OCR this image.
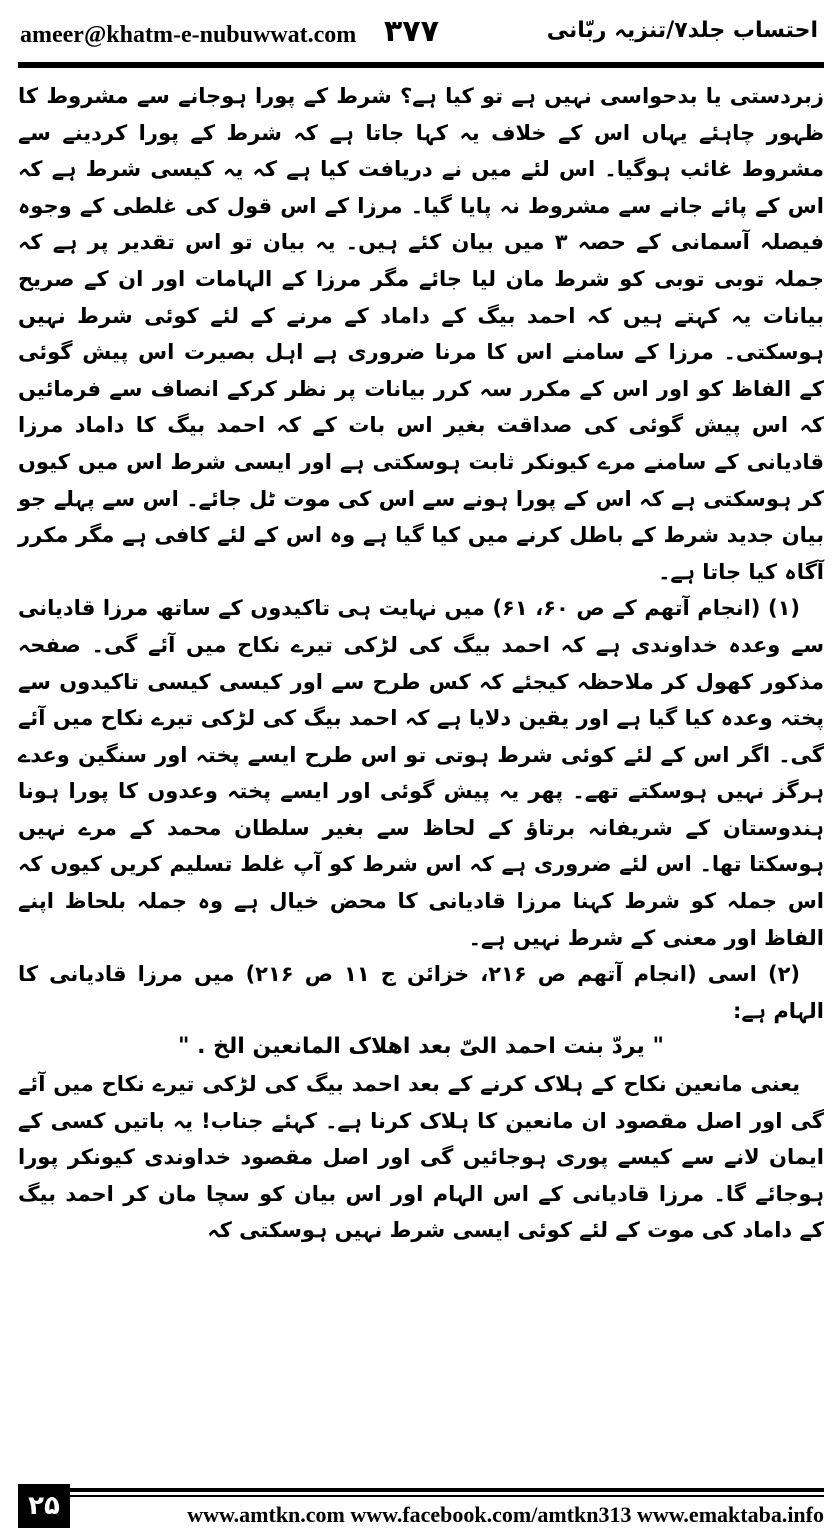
ameer@khatm-e-nubuwwat.com ۳۷۷	احتساب جلد۷/تنزیہ ربّانی

زبردستی یا بدحواسی نہیں ہے تو کیا ہے؟ شرط کے پورا ہوجانے سے مشروط کا ظہور چاہئے یہاں اس کے خلاف یہ کہا جاتا ہے کہ شرط کے پورا کردینے سے مشروط غائب ہوگیا۔ اس لئے میں نے دریافت کیا ہے کہ یہ کیسی شرط ہے کہ اس کے پائے جانے سے مشروط نہ پایا گیا۔ مرزا کے اس قول کی غلطی کے وجوہ فیصلہ آسمانی کے حصہ ۳ میں بیان کئے ہیں۔ یہ بیان تو اس تقدیر پر ہے کہ جملہ توبی توبی کو شرط مان لیا جائے مگر مرزا کے الہامات اور ان کے صریح بیانات یہ کہتے ہیں کہ احمد بیگ کے داماد کے مرنے کے لئے کوئی شرط نہیں ہوسکتی۔ مرزا کے سامنے اس کا مرنا ضروری ہے اہل بصیرت اس پیش گوئی کے الفاظ کو اور اس کے مکرر سہ کرر بیانات پر نظر کرکے انصاف سے فرمائیں کہ اس پیش گوئی کی صداقت بغیر اس بات کے کہ احمد بیگ کا داماد مرزا قادیانی کے سامنے مرے کیونکر ثابت ہوسکتی ہے اور ایسی شرط اس میں کیوں کر ہوسکتی ہے کہ اس کے پورا ہونے سے اس کی موت ٹل جائے۔ اس سے پہلے جو بیان جدید شرط کے باطل کرنے میں کیا گیا ہے وہ اس کے لئے کافی ہے مگر مکرر آگاہ کیا جاتا ہے۔

(۱) (انجام آتھم کے ص ۶۰، ۶۱) میں نہایت ہی تاکیدوں کے ساتھ مرزا قادیانی سے وعدہ خداوندی ہے کہ احمد بیگ کی لڑکی تیرے نکاح میں آئے گی۔ صفحہ مذکور کھول کر ملاحظہ کیجئے کہ کس طرح سے اور کیسی کیسی تاکیدوں سے پختہ وعدہ کیا گیا ہے اور یقین دلایا ہے کہ احمد بیگ کی لڑکی تیرے نکاح میں آئے گی۔ اگر اس کے لئے کوئی شرط ہوتی تو اس طرح ایسے پختہ اور سنگین وعدے ہرگز نہیں ہوسکتے تھے۔ پھر یہ پیش گوئی اور ایسے پختہ وعدوں کا پورا ہونا ہندوستان کے شریفانہ برتاؤ کے لحاظ سے بغیر سلطان محمد کے مرے نہیں ہوسکتا تھا۔ اس لئے ضروری ہے کہ اس شرط کو آپ غلط تسلیم کریں کیوں کہ اس جملہ کو شرط کہنا مرزا قادیانی کا محض خیال ہے وہ جملہ بلحاظ اپنے الفاظ اور معنی کے شرط نہیں ہے۔

(۲) اسی (انجام آتھم ص ۲۱۶، خزائن ج ۱۱ ص ۲۱۶) میں مرزا قادیانی کا الہام ہے:

" یردّ بنت احمد الیّ بعد اھلاک المانعین الخ . "

یعنی مانعین نکاح کے ہلاک کرنے کے بعد احمد بیگ کی لڑکی تیرے نکاح میں آئے گی اور اصل مقصود ان مانعین کا ہلاک کرنا ہے۔ کہئے جناب! یہ باتیں کسی کے ایمان لانے سے کیسے پوری ہوجائیں گی اور اصل مقصود خداوندی کیونکر پورا ہوجائے گا۔ مرزا قادیانی کے اس الہام اور اس بیان کو سچا مان کر احمد بیگ کے داماد کی موت کے لئے کوئی ایسی شرط نہیں ہوسکتی کہ

۲۵	www.amtkn.com www.facebook.com/amtkn313 www.emaktaba.info
